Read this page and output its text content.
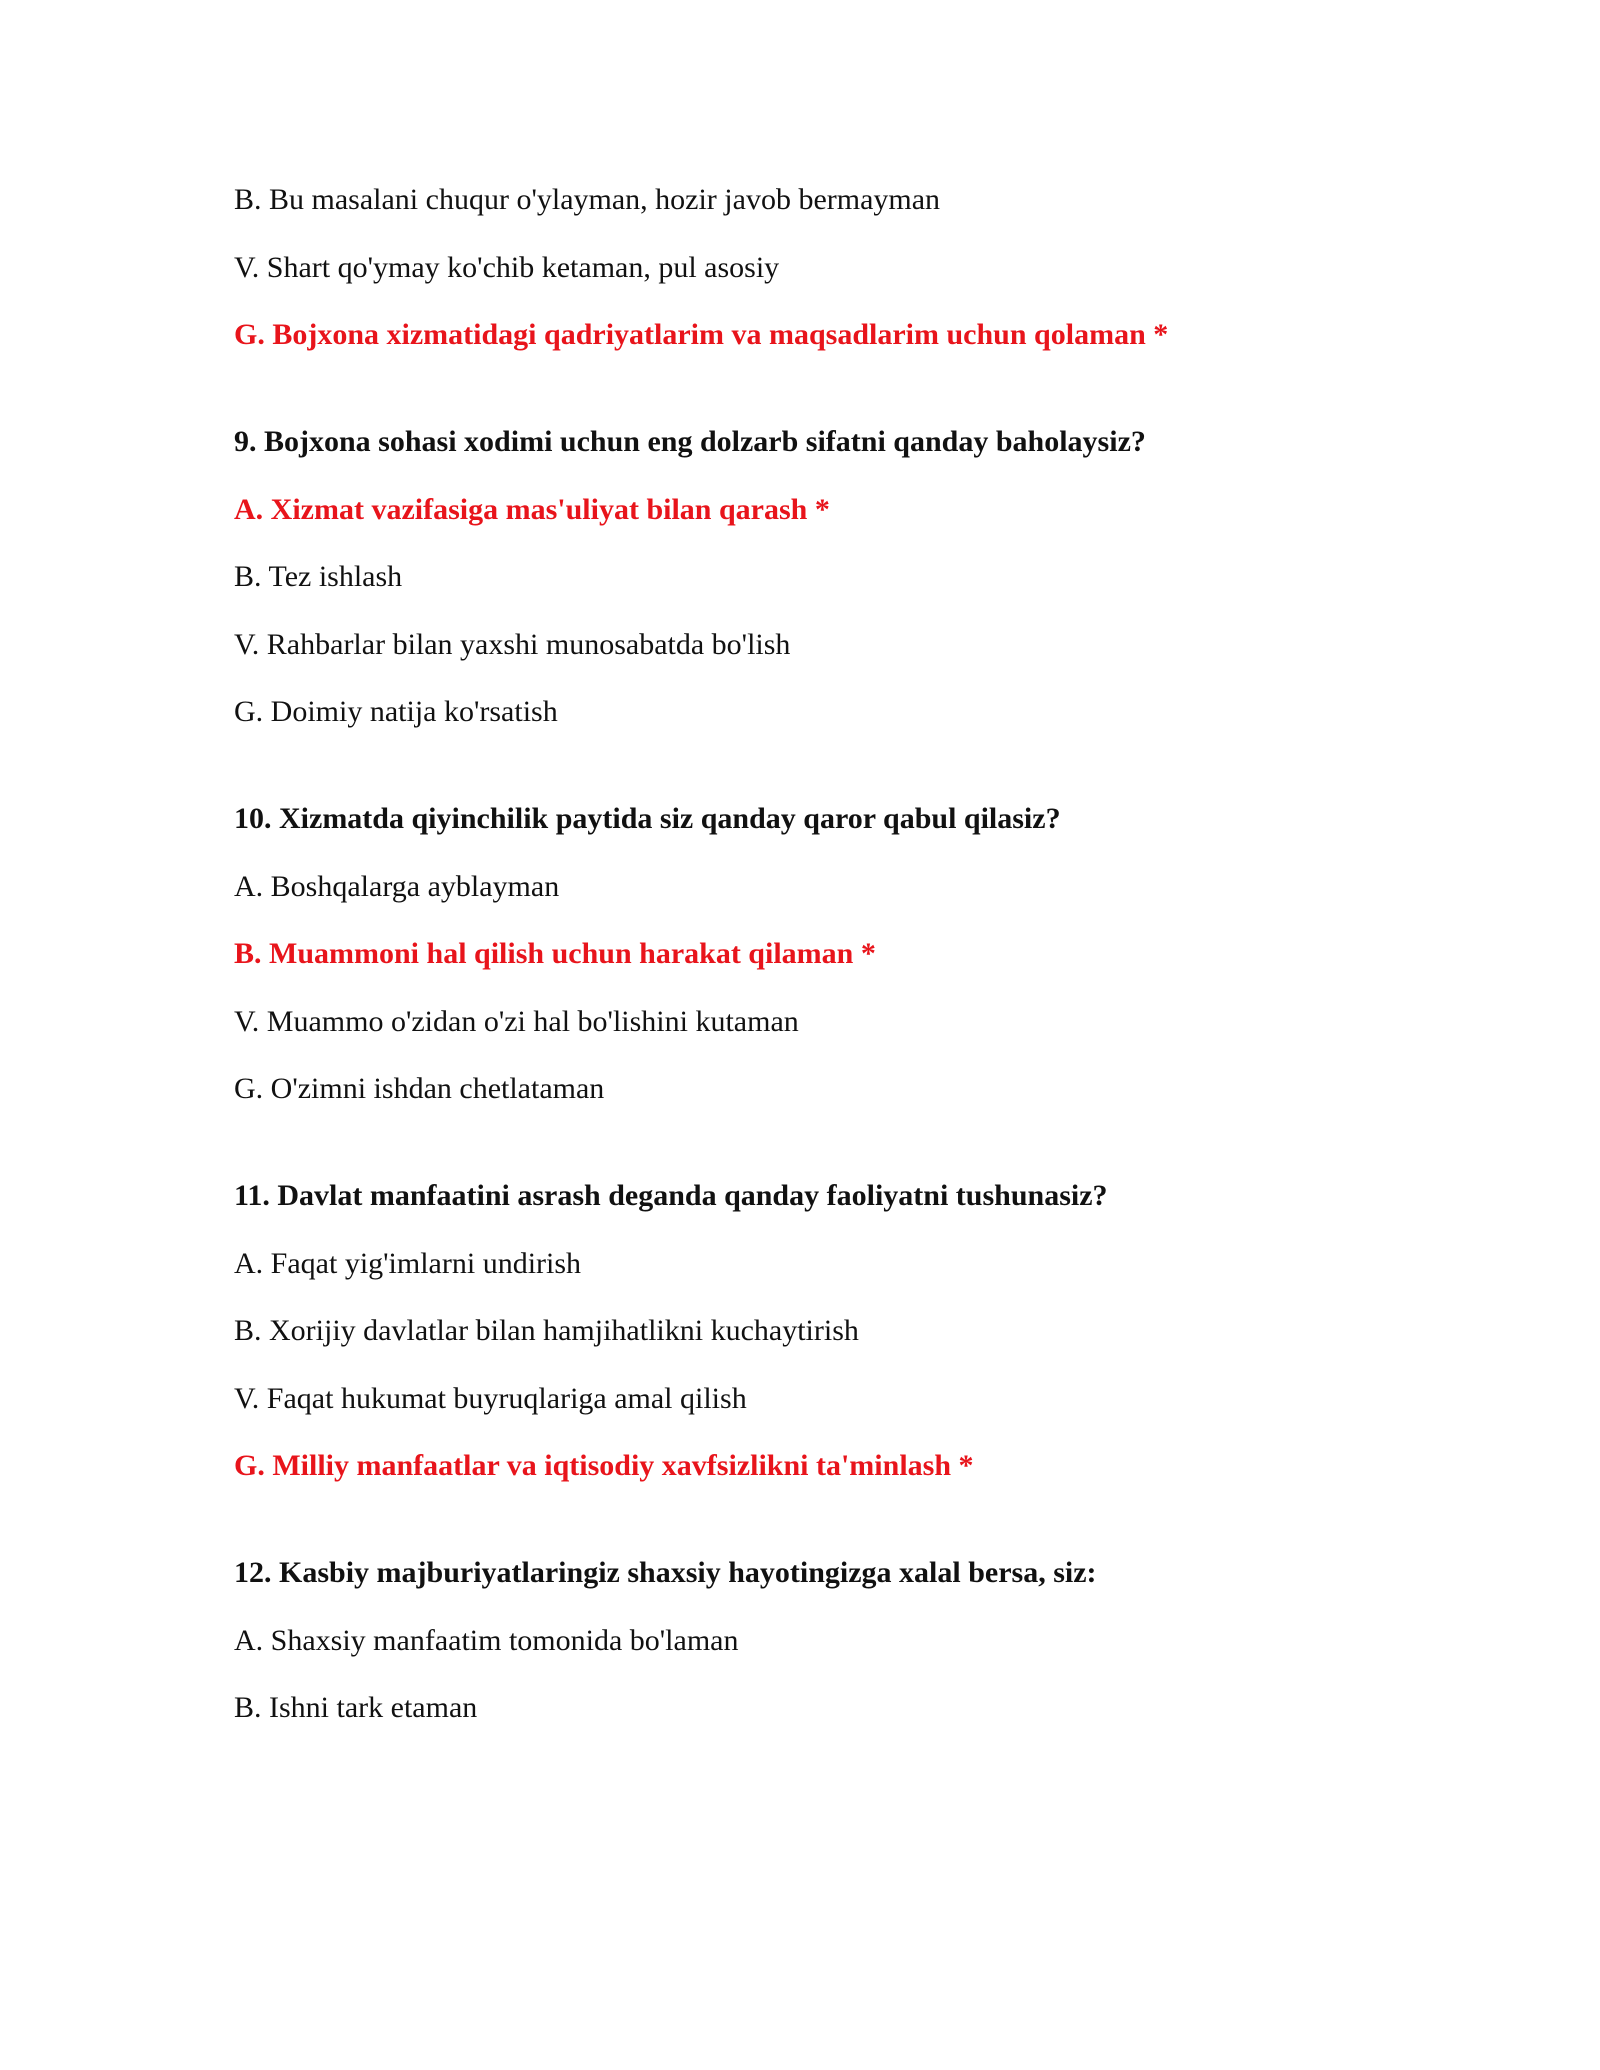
B. Bu masalani chuqur o'ylayman, hozir javob bermayman
V. Shart qo'ymay ko'chib ketaman, pul asosiy
G. Bojxona xizmatidagi qadriyatlarim va maqsadlarim uchun qolaman *
9. Bojxona sohasi xodimi uchun eng dolzarb sifatni qanday baholaysiz?
A. Xizmat vazifasiga mas'uliyat bilan qarash *
B. Tez ishlash
V. Rahbarlar bilan yaxshi munosabatda bo'lish
G. Doimiy natija ko'rsatish
10. Xizmatda qiyinchilik paytida siz qanday qaror qabul qilasiz?
A. Boshqalarga ayblayman
B. Muammoni hal qilish uchun harakat qilaman *
V. Muammo o'zidan o'zi hal bo'lishini kutaman
G. O'zimni ishdan chetlataman
11. Davlat manfaatini asrash deganda qanday faoliyatni tushunasiz?
A. Faqat yig'imlarni undirish
B. Xorijiy davlatlar bilan hamjihatlikni kuchaytirish
V. Faqat hukumat buyruqlariga amal qilish
G. Milliy manfaatlar va iqtisodiy xavfsizlikni ta'minlash *
12. Kasbiy majburiyatlaringiz shaxsiy hayotingizga xalal bersa, siz:
A. Shaxsiy manfaatim tomonida bo'laman
B. Ishni tark etaman
